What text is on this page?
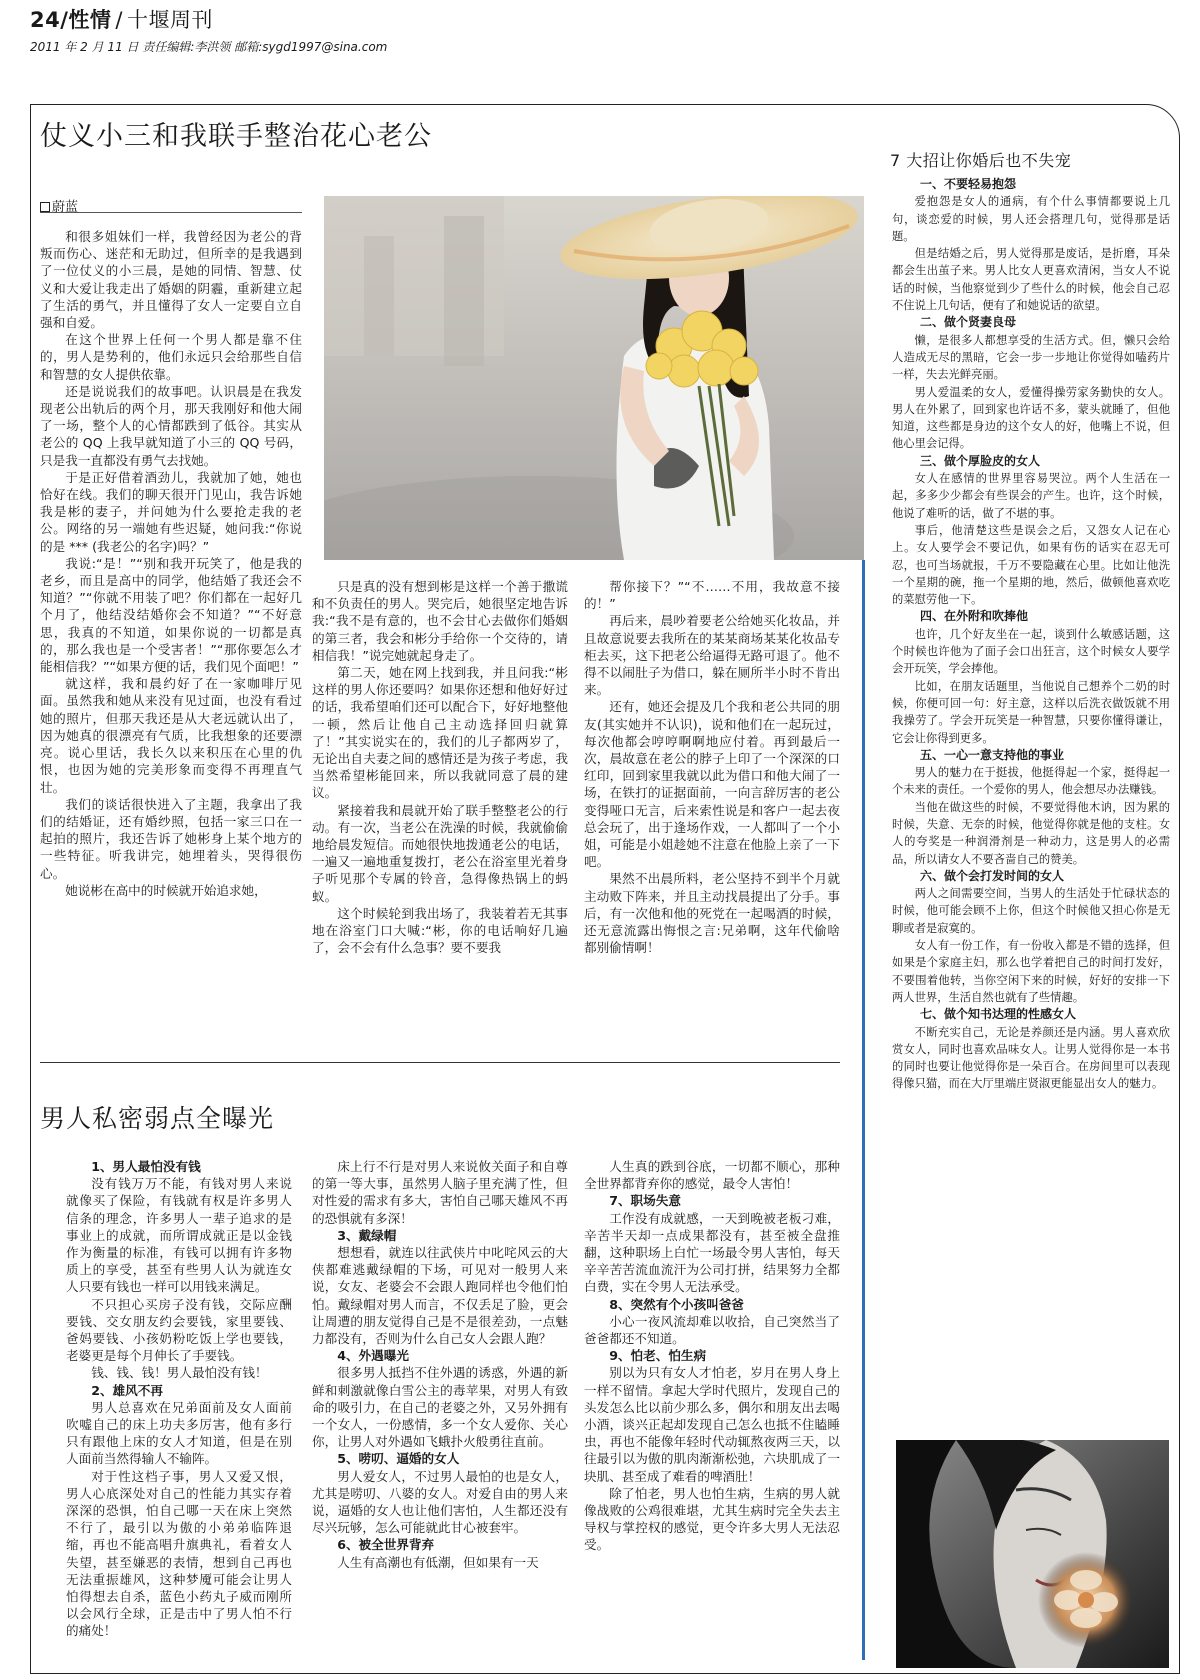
24/性情 / 十堰周刊
2011 年 2 月 11 日 责任编辑:李洪领 邮箱:sygd1997@sina.com
仗义小三和我联手整治花心老公
蔚蓝

和很多姐妹们一样，我曾经因为老公的背叛而伤心、迷茫和无助过，但所幸的是我遇到了一位仗义的小三晨，是她的同情、智慧、仗义和大爱让我走出了婚姻的阴霾，重新建立起了生活的勇气，并且懂得了女人一定要自立自强和自爱。

在这个世界上任何一个男人都是靠不住的，男人是势利的，他们永远只会给那些自信和智慧的女人提供依靠。

还是说说我们的故事吧。认识晨是在我发现老公出轨后的两个月，那天我刚好和他大闹了一场，整个人的心情都跌到了低谷。其实从老公的 QQ 上我早就知道了小三的 QQ 号码，只是我一直都没有勇气去找她。

于是正好借着酒劲儿，我就加了她，她也恰好在线。我们的聊天很开门见山，我告诉她我是彬的妻子，并问她为什么要抢走我的老公。网络的另一端她有些迟疑，她问我:“你说的是 *** (我老公的名字)吗？”

我说:“是！”“别和我开玩笑了，他是我的老乡，而且是高中的同学，他结婚了我还会不知道？”“你就不用装了吧？你们都在一起好几个月了，他结没结婚你会不知道？”“不好意思，我真的不知道，如果你说的一切都是真的，那么我也是一个受害者！”“那你要怎么才能相信我？”“如果方便的话，我们见个面吧！”

就这样，我和晨约好了在一家咖啡厅见面。虽然我和她从来没有见过面，也没有看过她的照片，但那天我还是从大老远就认出了，因为她真的很漂亮有气质，比我想象的还要漂亮。说心里话，我长久以来积压在心里的仇恨，也因为她的完美形象而变得不再理直气壮。

我们的谈话很快进入了主题，我拿出了我们的结婚证，还有婚纱照，包括一家三口在一起拍的照片，我还告诉了她彬身上某个地方的一些特征。听我讲完，她埋着头，哭得很伤心。

她说彬在高中的时候就开始追求她，

只是真的没有想到彬是这样一个善于撒谎和不负责任的男人。哭完后，她很坚定地告诉我:“我不是有意的，也不会甘心去做你们婚姻的第三者，我会和彬分手给你一个交待的，请相信我！”说完她就起身走了。

第二天，她在网上找到我，并且问我:“彬这样的男人你还要吗？如果你还想和他好好过的话，我希望咱们还可以配合下，好好地整他一顿，然后让他自己主动选择回归就算了！”其实说实在的，我们的儿子都两岁了，无论出自夫妻之间的感情还是为孩子考虑，我当然希望彬能回来，所以我就同意了晨的建议。

紧接着我和晨就开始了联手整整老公的行动。有一次，当老公在洗澡的时候，我就偷偷地给晨发短信。而她很快地拨通老公的电话，一遍又一遍地重复拨打，老公在浴室里光着身子听见那个专属的铃音，急得像热锅上的蚂蚁。

这个时候轮到我出场了，我装着若无其事地在浴室门口大喊:“彬，你的电话响好几遍了，会不会有什么急事？要不要我

帮你接下？”“不……不用，我故意不接的！”

再后来，晨吵着要老公给她买化妆品，并且故意说要去我所在的某某商场某某化妆品专柜去买，这下把老公给逼得无路可退了。他不得不以闹肚子为借口，躲在厕所半小时不肯出来。

还有，她还会提及几个我和老公共同的朋友(其实她并不认识)，说和他们在一起玩过，每次他都会哼哼啊啊地应付着。再到最后一次，晨故意在老公的脖子上印了一个深深的口红印，回到家里我就以此为借口和他大闹了一场，在铁打的证据面前，一向言辞厉害的老公变得哑口无言，后来索性说是和客户一起去夜总会玩了，出于逢场作戏，一人都叫了一个小姐，可能是小姐趁她不注意在他脸上亲了一下吧。

果然不出晨所料，老公坚持不到半个月就主动败下阵来，并且主动找晨提出了分手。事后，有一次他和他的死党在一起喝酒的时候，还无意流露出悔恨之言:兄弟啊，这年代偷啥都别偷情啊！

男人私密弱点全曝光
1、男人最怕没有钱

没有钱万万不能，有钱对男人来说就像买了保险，有钱就有权是许多男人信条的理念，许多男人一辈子追求的是事业上的成就，而所谓成就正是以金钱作为衡量的标准，有钱可以拥有许多物质上的享受，甚至有些男人认为就连女人只要有钱也一样可以用钱来满足。

不只担心买房子没有钱，交际应酬要钱、交女朋友约会要钱，家里要钱、爸妈要钱、小孩奶粉吃饭上学也要钱，老婆更是每个月伸长了手要钱。

钱、钱、钱！男人最怕没有钱！

2、雄风不再

男人总喜欢在兄弟面前及女人面前吹嘘自己的床上功夫多厉害，他有多行只有跟他上床的女人才知道，但是在别人面前当然得输人不输阵。

对于性这档子事，男人又爱又恨，男人心底深处对自己的性能力其实存着深深的恐惧，怕自己哪一天在床上突然不行了，最引以为傲的小弟弟临阵退缩，再也不能高唱升旗典礼，看着女人失望，甚至嫌恶的表情，想到自己再也无法重振雄风，这种梦魇可能会让男人怕得想去自杀，蓝色小药丸子威而刚所以会风行全球，正是击中了男人怕不行的痛处！

床上行不行是对男人来说攸关面子和自尊的第一等大事，虽然男人脑子里充满了性，但对性爱的需求有多大，害怕自己哪天雄风不再的恐惧就有多深！

3、戴绿帽

想想看，就连以往武侠片中叱咤风云的大侠都难逃戴绿帽的下场，可见对一般男人来说，女友、老婆会不会跟人跑同样也令他们怕怕。戴绿帽对男人而言，不仅丢足了脸，更会让周遭的朋友觉得自己是不是很差劲，一点魅力都没有，否则为什么自己女人会跟人跑？

4、外遇曝光

很多男人抵挡不住外遇的诱惑，外遇的新鲜和刺激就像白雪公主的毒苹果，对男人有致命的吸引力，在自己的老婆之外，又另外拥有一个女人，一份感情，多一个女人爱你、关心你，让男人对外遇如飞蛾扑火般勇往直前。

5、唠叨、逼婚的女人

男人爱女人，不过男人最怕的也是女人，尤其是唠叨、八婆的女人。对爱自由的男人来说，逼婚的女人也让他们害怕，人生都还没有尽兴玩够，怎么可能就此甘心被套牢。

6、被全世界背弃

人生有高潮也有低潮，但如果有一天

人生真的跌到谷底，一切都不顺心，那种全世界都背弃你的感觉，最令人害怕！

7、职场失意

工作没有成就感，一天到晚被老板刁难，辛苦半天却一点成果都没有，甚至被全盘推翻，这种职场上白忙一场最令男人害怕，每天辛辛苦苦流血流汗为公司打拼，结果努力全都白费，实在令男人无法承受。

8、突然有个小孩叫爸爸

小心一夜风流却难以收拾，自己突然当了爸爸都还不知道。

9、怕老、怕生病

别以为只有女人才怕老，岁月在男人身上一样不留情。拿起大学时代照片，发现自己的头发怎么比以前少那么多，偶尔和朋友出去喝小酒，谈兴正起却发现自己怎么也抵不住瞌睡虫，再也不能像年轻时代动辄熬夜两三天，以往最引以为傲的肌肉渐渐松弛，六块肌成了一块肌、甚至成了难看的啤酒肚！

除了怕老，男人也怕生病，生病的男人就像战败的公鸡很难堪，尤其生病时完全失去主导权与掌控权的感觉，更令许多大男人无法忍受。

7 大招让你婚后也不失宠
一、不要轻易抱怨

爱抱怨是女人的通病，有个什么事情都要说上几句，谈恋爱的时候，男人还会搭理几句，觉得那是话题。

但是结婚之后，男人觉得那是废话，是折磨，耳朵都会生出茧子来。男人比女人更喜欢清闲，当女人不说话的时候，当他察觉到少了些什么的时候，他会自己忍不住说上几句话，便有了和她说话的欲望。

二、做个贤妻良母

懒，是很多人都想享受的生活方式。但，懒只会给人造成无尽的黑暗，它会一步一步地让你觉得如嗑药片一样，失去光鲜亮丽。

男人爱温柔的女人，爱懂得操劳家务勤快的女人。男人在外累了，回到家也许话不多，蒙头就睡了，但他知道，这些都是身边的这个女人的好，他嘴上不说，但他心里会记得。

三、做个厚脸皮的女人

女人在感情的世界里容易哭泣。两个人生活在一起，多多少少都会有些误会的产生。也许，这个时候，他说了难听的话，做了不堪的事。

事后，他清楚这些是误会之后，又怨女人记在心上。女人要学会不要记仇，如果有伤的话实在忍无可忍，也可当场就报，千万不要隐藏在心里。比如让他洗一个星期的碗，拖一个星期的地，然后，做顿他喜欢吃的菜慰劳他一下。

四、在外附和吹捧他

也许，几个好友坐在一起，谈到什么敏感话题，这个时候也许他为了面子会口出狂言，这个时候女人要学会开玩笑，学会捧他。

比如，在朋友话题里，当他说自己想养个二奶的时候，你便可回一句：好主意，这样以后洗衣做饭就不用我操劳了。学会开玩笑是一种智慧，只要你懂得谦让，它会让你得到更多。

五、一心一意支持他的事业

男人的魅力在于挺拔，他挺得起一个家，挺得起一个未来的责任。一个爱你的男人，他会想尽办法赚钱。

当他在做这些的时候，不要觉得他木讷，因为累的时候，失意、无奈的时候，他觉得你就是他的支柱。女人的夸奖是一种润滑剂是一种动力，这是男人的必需品，所以请女人不要吝啬自己的赞美。

六、做个会打发时间的女人

两人之间需要空间，当男人的生活处于忙碌状态的时候，他可能会顾不上你，但这个时候他又担心你是无聊或者是寂寞的。

女人有一份工作，有一份收入都是不错的选择，但如果是个家庭主妇，那么也学着把自己的时间打发好，不要围着他转，当你空闲下来的时候，好好的安排一下两人世界，生活自然也就有了些情趣。

七、做个知书达理的性感女人

不断充实自己，无论是养颜还是内涵。男人喜欢欣赏女人，同时也喜欢品味女人。让男人觉得你是一本书的同时也要让他觉得你是一朵百合。在房间里可以表现得像只猫，而在大厅里端庄贤淑更能显出女人的魅力。
